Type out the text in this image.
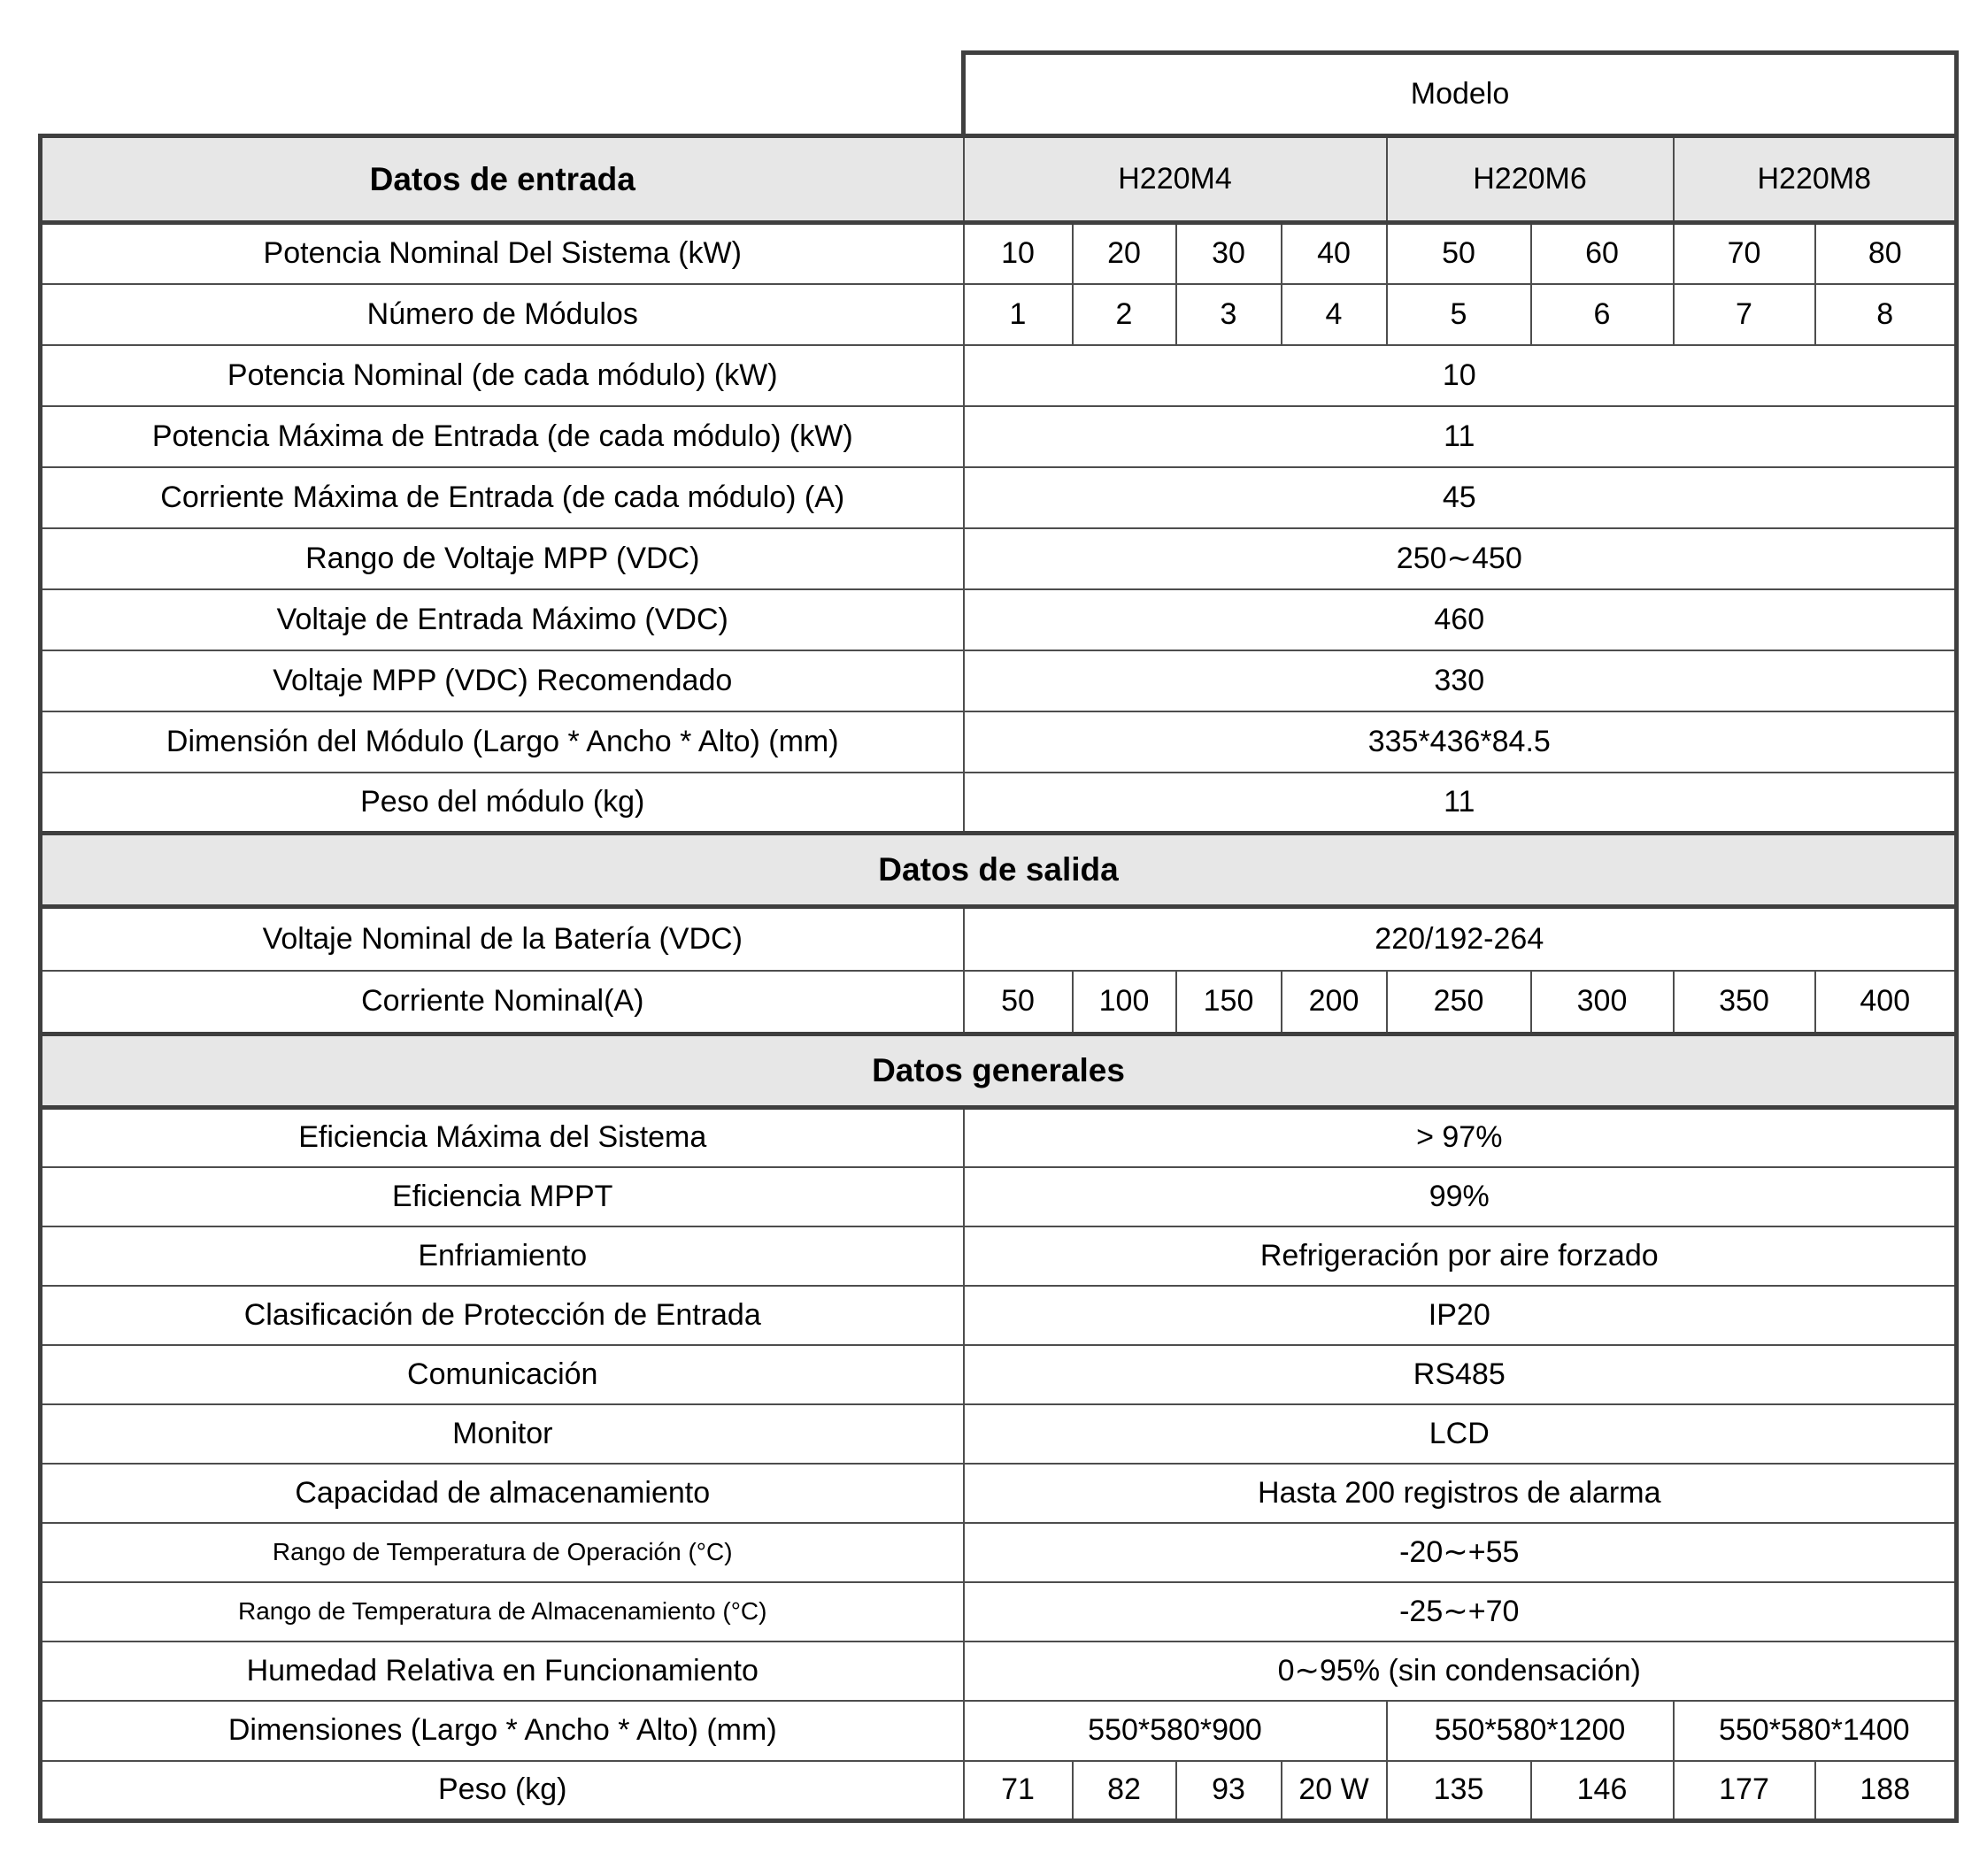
	Modelo							
Datos de entrada	H220M4				H220M6		H220M8	
Potencia Nominal Del Sistema (kW)	10	20	30	40	50	60	70	80
Número de Módulos	1	2	3	4	5	6	7	8
Potencia Nominal (de cada módulo) (kW)	10							
Potencia Máxima de Entrada (de cada módulo) (kW)	11							
Corriente Máxima de Entrada (de cada módulo) (A)	45							
Rango de Voltaje MPP (VDC)	250∼450							
Voltaje de Entrada Máximo (VDC)	460							
Voltaje MPP (VDC) Recomendado	330							
Dimensión del Módulo (Largo * Ancho * Alto) (mm)	335*436*84.5							
Peso del módulo (kg)	11							
Datos de salida								
Voltaje Nominal de la Batería (VDC)	220/192-264							
Corriente Nominal(A)	50	100	150	200	250	300	350	400
Datos generales								
Eficiencia Máxima del Sistema	> 97%							
Eficiencia MPPT	99%							
Enfriamiento	Refrigeración por aire forzado							
Clasificación de Protección de Entrada	IP20							
Comunicación	RS485							
Monitor	LCD							
Capacidad de almacenamiento	Hasta 200 registros de alarma							
Rango de Temperatura de Operación (°C)	-20∼+55							
Rango de Temperatura de Almacenamiento (°C)	-25∼+70							
Humedad Relativa en Funcionamiento	0∼95% (sin condensación)							
Dimensiones (Largo * Ancho * Alto) (mm)	550*580*900				550*580*1200		550*580*1400	
Peso (kg)	71	82	93	20 W	135	146	177	188
